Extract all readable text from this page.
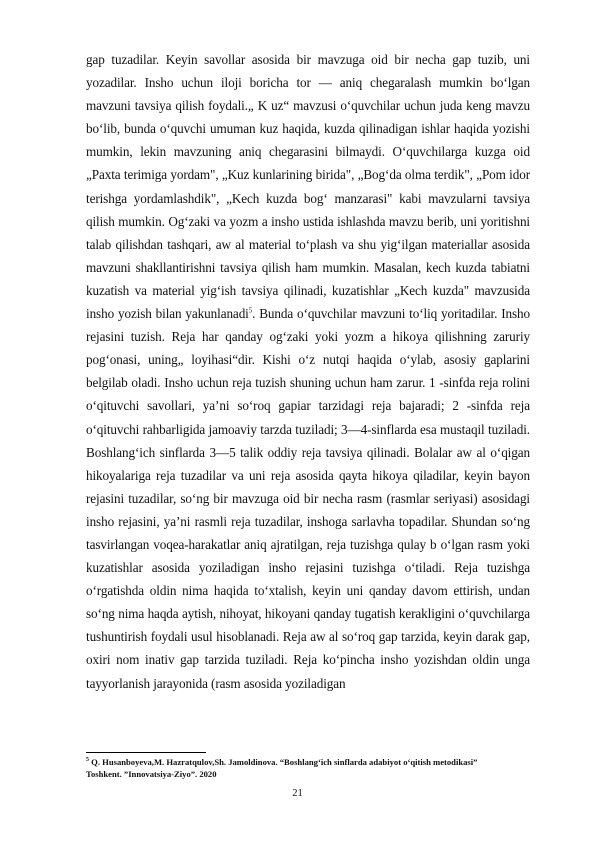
gap tuzadilar. Keyin savollar asosida bir mavzuga oid bir necha gap tuzib, uni yozadilar. Insho uchun iloji boricha tor — aniq chegaralash mumkin bo‘lgan mavzuni tavsiya qilish foydali.„ K uz“ mavzusi o‘quvchilar uchun juda keng mavzu bo‘lib, bunda o‘quvchi umuman kuz haqida, kuzda qilinadigan ishlar haqida yozishi mumkin, lekin mavzuning aniq chegarasini bilmaydi. O‘quvchilarga kuzga oid „Paxta terimiga yordam", „Kuz kunlarining birida", „Bog‘da olma terdik", „Pom idor terishga yordamlashdik", „Kech kuzda bog‘ manzarasi" kabi mavzularni tavsiya qilish mumkin. Og‘zaki va yozm a insho ustida ishlashda mavzu berib, uni yoritishni talab qilishdan tashqari, aw al material to‘plash va shu yig‘ilgan materiallar asosida mavzuni shakllantirishni tavsiya qilish ham mumkin. Masalan, kech kuzda tabiatni kuzatish va material yig‘ish tavsiya qilinadi, kuzatishlar „Kech kuzda" mavzusida insho yozish bilan yakunlanadi$^5$. Bunda o‘quvchilar mavzuni to‘liq yoritadilar. Insho rejasini tuzish. Reja har qanday og‘zaki yoki yozm a hikoya qilishning zaruriy pog‘onasi, uning„ loyihasi“dir. Kishi o‘z nutqi haqida o‘ylab, asosiy gaplarini belgilab oladi. Insho uchun reja tuzish shuning uchun ham zarur. 1 -sinfda reja rolini o‘qituvchi savollari, ya’ni so‘roq gapiar tarzidagi reja bajaradi; 2 -sinfda reja o‘qituvchi rahbarligida jamoaviy tarzda tuziladi; 3—4-sinflarda esa mustaqil tuziladi. Boshlang‘ich sinflarda 3—5 talik oddiy reja tavsiya qilinadi. Bolalar aw al o‘qigan hikoyalariga reja tuzadilar va uni reja asosida qayta hikoya qiladilar, keyin bayon rejasini tuzadilar, so‘ng bir mavzuga oid bir necha rasm (rasmlar seriyasi) asosidagi insho rejasini, ya’ni rasmli reja tuzadilar, inshoga sarlavha topadilar. Shundan so‘ng tasvirlangan voqea-harakatlar aniq ajratilgan, reja tuzishga qulay b o‘lgan rasm yoki kuzatishlar asosida yoziladigan insho rejasini tuzishga o‘tiladi. Reja tuzishga o‘rgatishda oldin nima haqida to‘xtalish, keyin uni qanday davom ettirish, undan so‘ng nima haqda aytish, nihoyat, hikoyani qanday tugatish kerakligini o‘quvchilarga tushuntirish foydali usul hisoblanadi. Reja aw al so‘roq gap tarzida, keyin darak gap, oxiri nom inativ gap tarzida tuziladi. Reja ko‘pincha insho yozishdan oldin unga tayyorlanish jarayonida (rasm asosida yoziladigan

$^5$ Q. Husanboyeva,M. Hazratqulov,Sh. Jamoldinova. “Boshlang‘ich sinflarda adabiyot o‘qitish metodikasi”
Toshkent. ”Innovatsiya-Ziyo”. 2020
21
